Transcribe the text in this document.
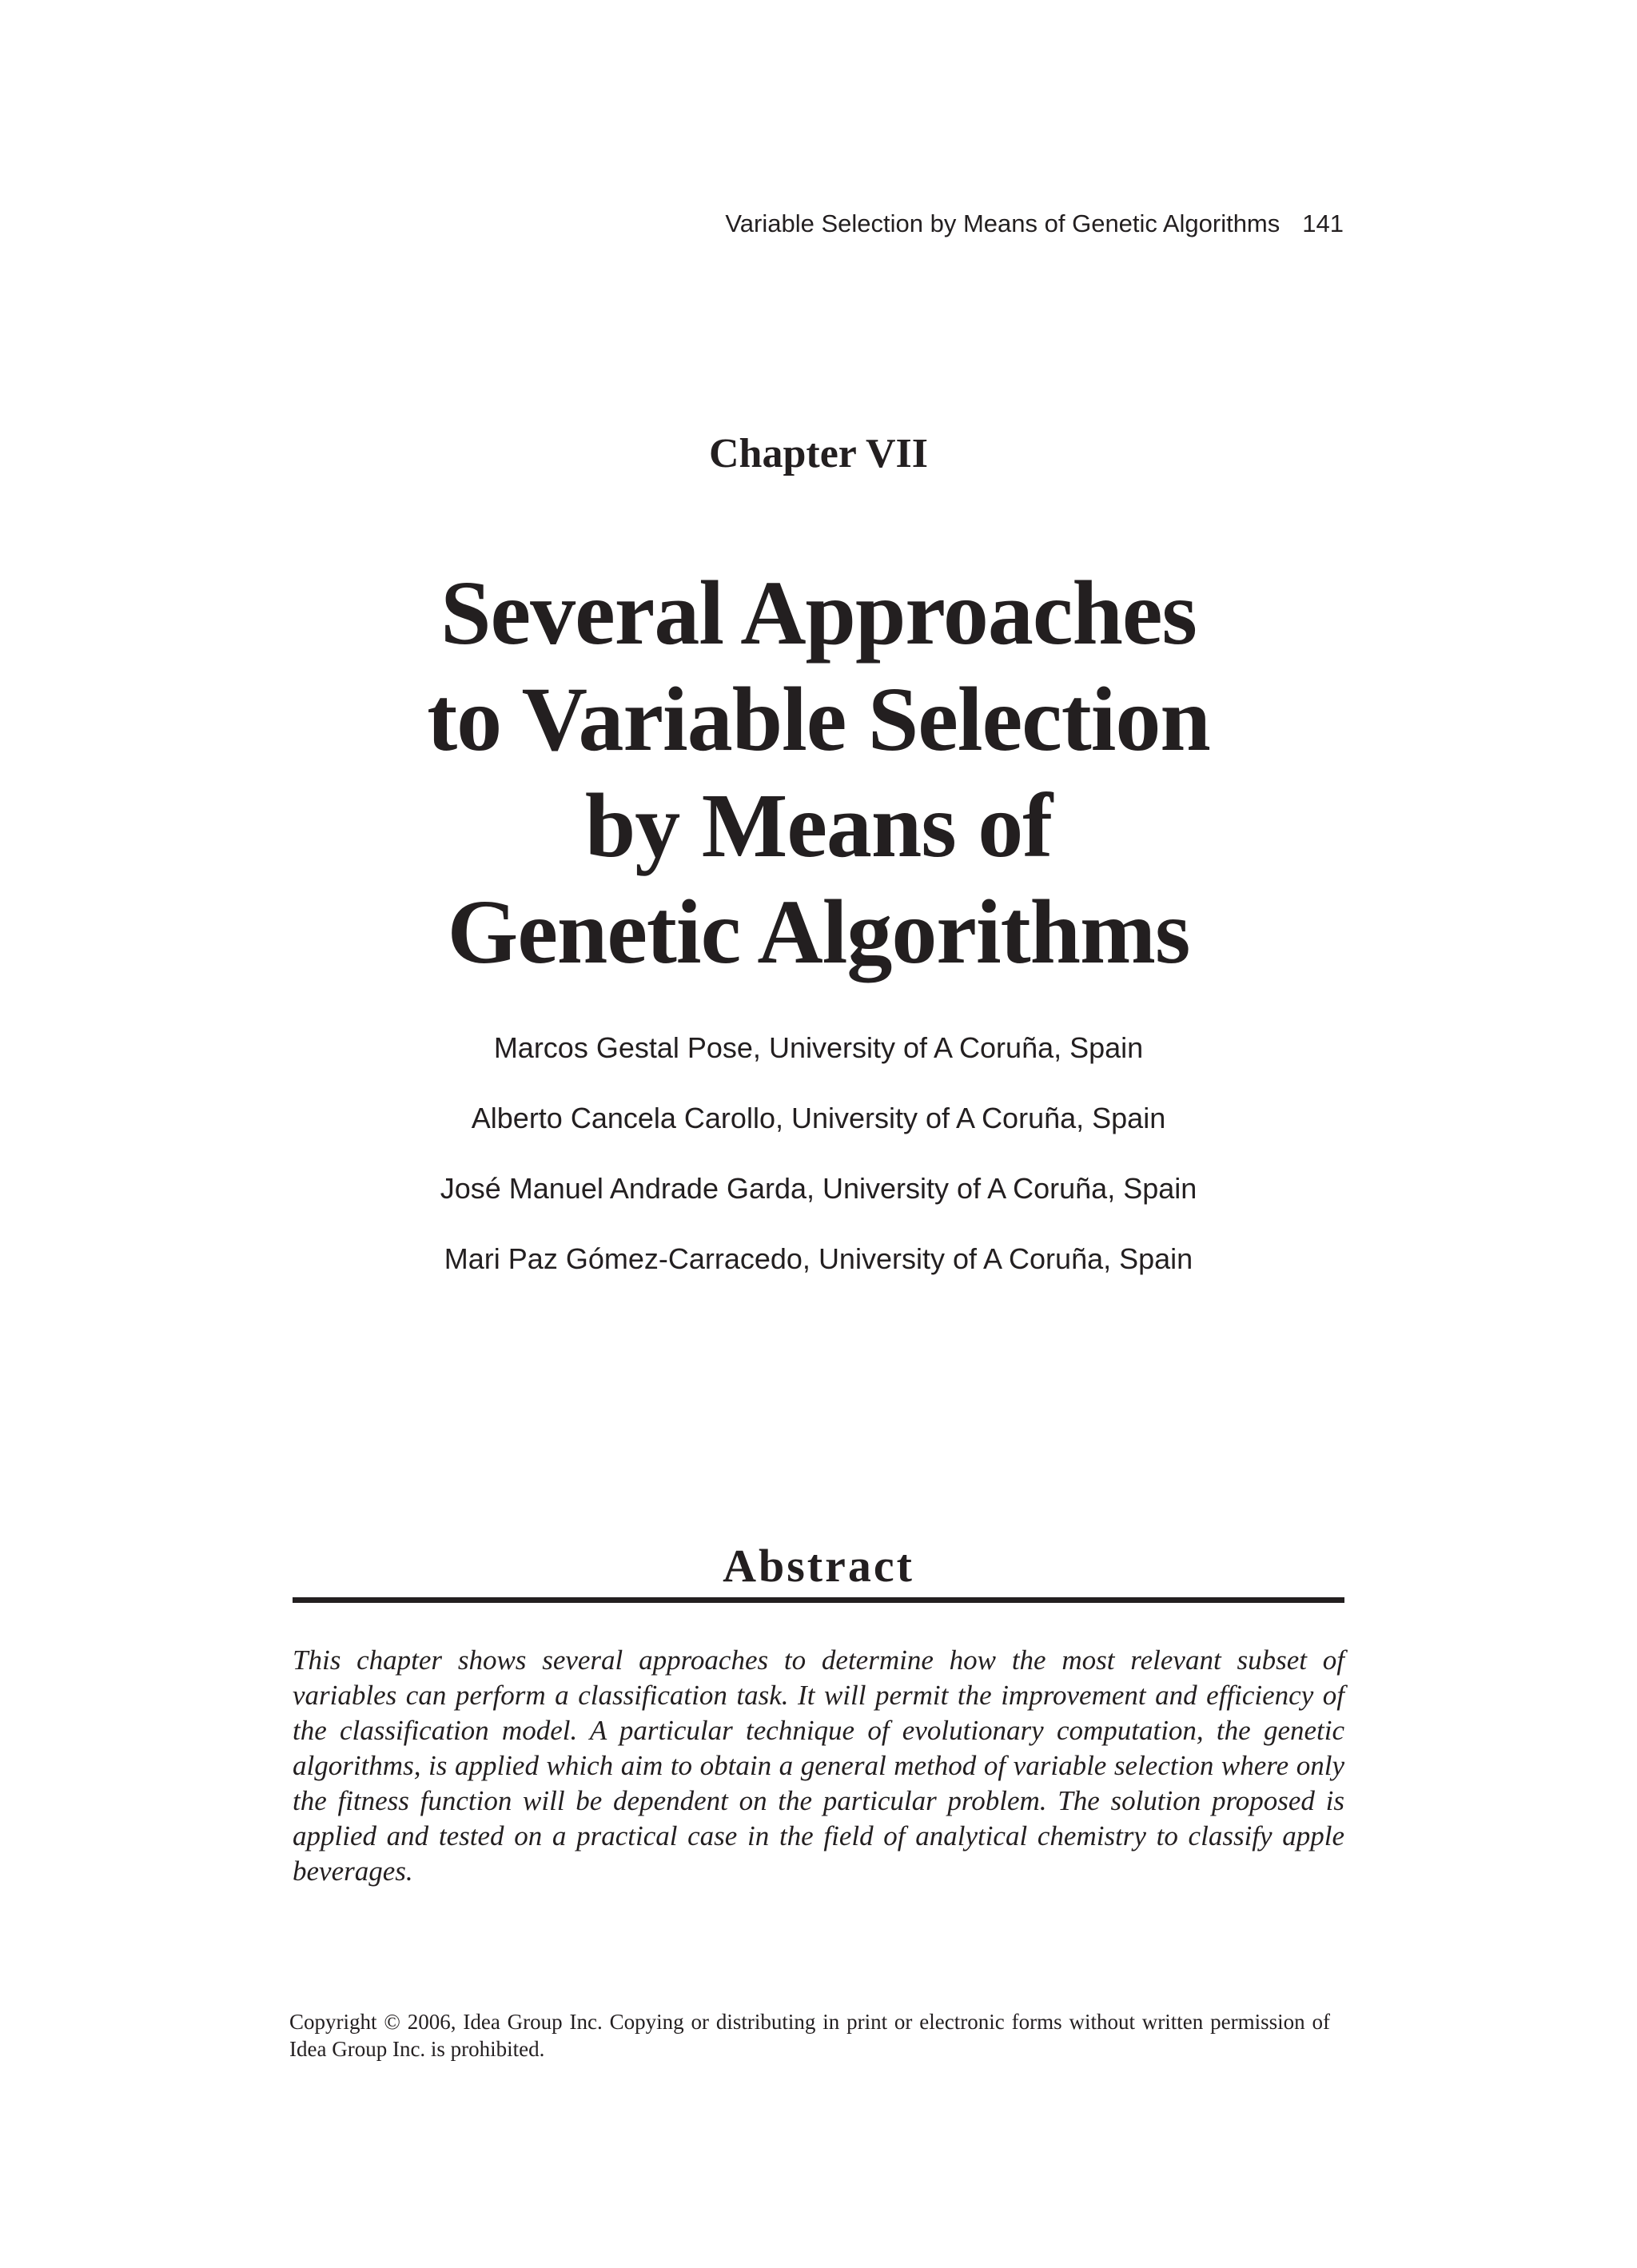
Variable Selection by Means of Genetic Algorithms 141
Chapter VII
Several Approaches
to Variable Selection
by Means of
Genetic Algorithms
Marcos Gestal Pose, University of A Coruña, Spain
Alberto Cancela Carollo, University of A Coruña, Spain
José Manuel Andrade Garda, University of A Coruña, Spain
Mari Paz Gómez-Carracedo, University of A Coruña, Spain
Abstract

This chapter shows several approaches to determine how the most relevant subset of variables can perform a classification task. It will permit the improvement and efficiency of the classification model. A particular technique of evolutionary computation, the genetic algorithms, is applied which aim to obtain a general method of variable selection where only the fitness function will be dependent on the particular problem. The solution proposed is applied and tested on a practical case in the field of analytical chemistry to classify apple beverages.

Copyright © 2006, Idea Group Inc. Copying or distributing in print or electronic forms without written permission of Idea Group Inc. is prohibited.
